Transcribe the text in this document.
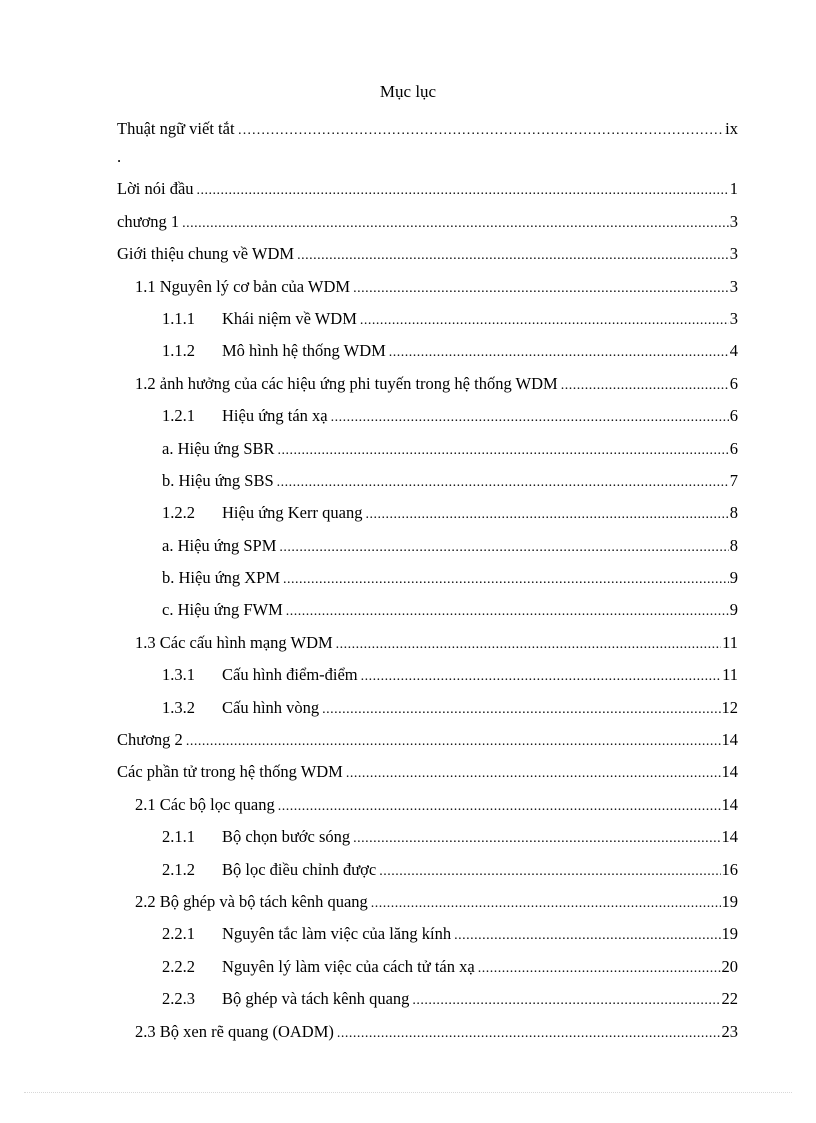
Mục lục
Thuật ngữ viết tắt ………………………………………………………………………………………………………………………………………	ix
.
Lời nói đầu .....	1
chương 1 .....	3
Giới thiệu chung về WDM .....	3
1.1 Nguyên lý cơ bản của WDM .....	3
1.1.1	Khái niệm về WDM .....	3
1.1.2	Mô hình hệ thống WDM .....	4
1.2 ảnh hưởng của các hiệu ứng phi tuyến trong hệ thống WDM .....	6
1.2.1	Hiệu ứng tán xạ .....	6
a. Hiệu ứng SBR .....	6
b. Hiệu ứng SBS .....	7
1.2.2	Hiệu ứng Kerr quang .....	8
a. Hiệu ứng SPM .....	8
b. Hiệu ứng XPM .....	9
c. Hiệu ứng FWM .....	9
1.3 Các cấu hình mạng WDM .....	11
1.3.1	Cấu hình điểm-điểm .....	11
1.3.2	Cấu hình vòng .....	12
Chương 2 .....	14
Các phần tử trong hệ thống WDM .....	14
2.1 Các bộ lọc quang .....	14
2.1.1	Bộ chọn bước sóng .....	14
2.1.2	Bộ lọc điều chỉnh được .....	16
2.2 Bộ ghép và bộ tách kênh quang .....	19
2.2.1	Nguyên tắc làm việc của lăng kính .....	19
2.2.2	Nguyên lý làm việc của cách tử tán xạ .....	20
2.2.3	Bộ ghép và tách kênh quang .....	22
2.3 Bộ xen rẽ quang (OADM) .....	23
